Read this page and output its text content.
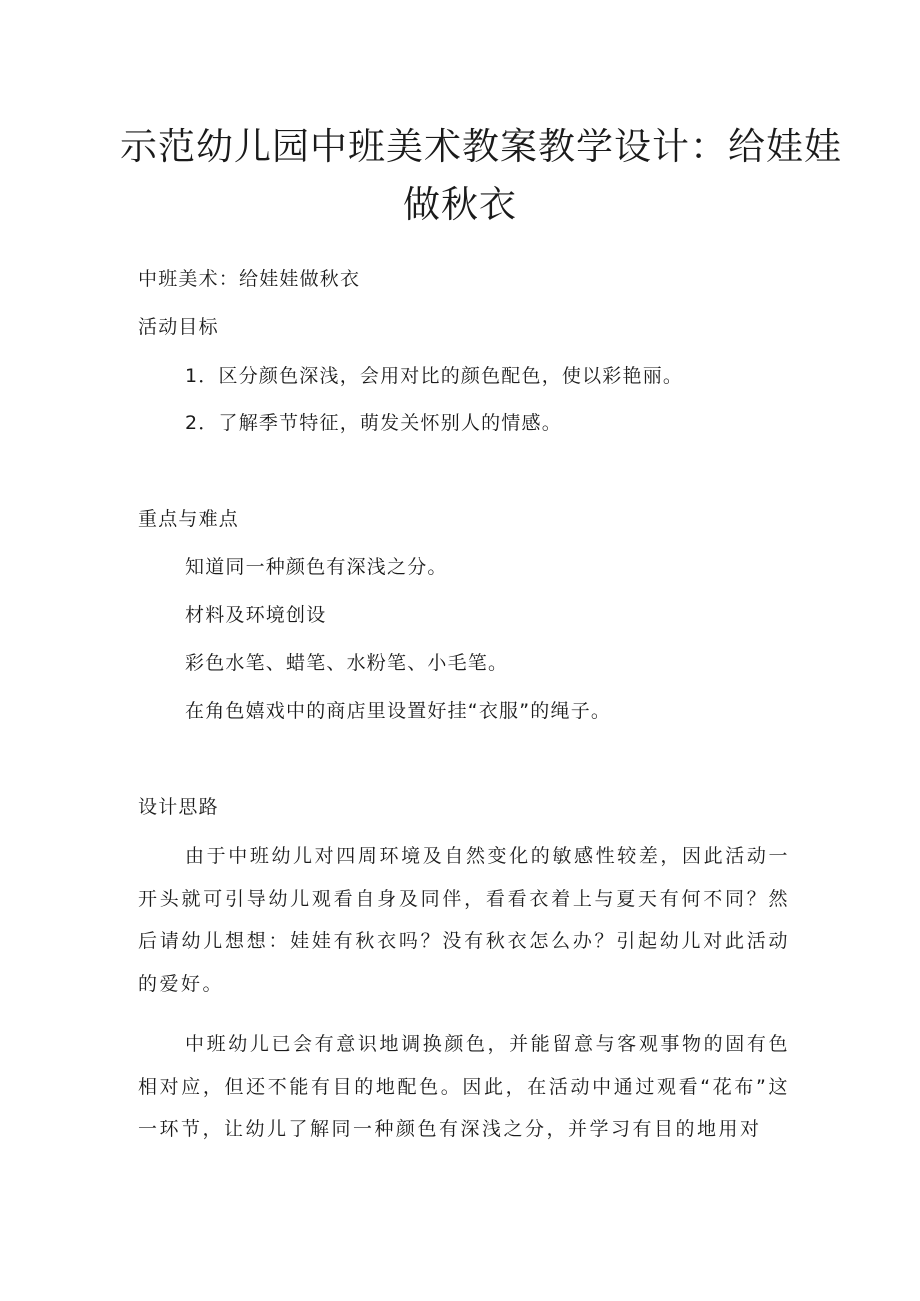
示范幼儿园中班美术教案教学设计：给娃娃
做秋衣
中班美术：给娃娃做秋衣
活动目标
1．区分颜色深浅，会用对比的颜色配色，使以彩艳丽。
2．了解季节特征，萌发关怀别人的情感。
重点与难点
知道同一种颜色有深浅之分。
材料及环境创设
彩色水笔、蜡笔、水粉笔、小毛笔。
在角色嬉戏中的商店里设置好挂“衣服”的绳子。
设计思路
由于中班幼儿对四周环境及自然变化的敏感性较差，因此活动一开头就可引导幼儿观看自身及同伴，看看衣着上与夏天有何不同？然后请幼儿想想：娃娃有秋衣吗？没有秋衣怎么办？引起幼儿对此活动的爱好。
中班幼儿已会有意识地调换颜色，并能留意与客观事物的固有色相对应，但还不能有目的地配色。因此，在活动中通过观看“花布”这一环节，让幼儿了解同一种颜色有深浅之分，并学习有目的地用对
